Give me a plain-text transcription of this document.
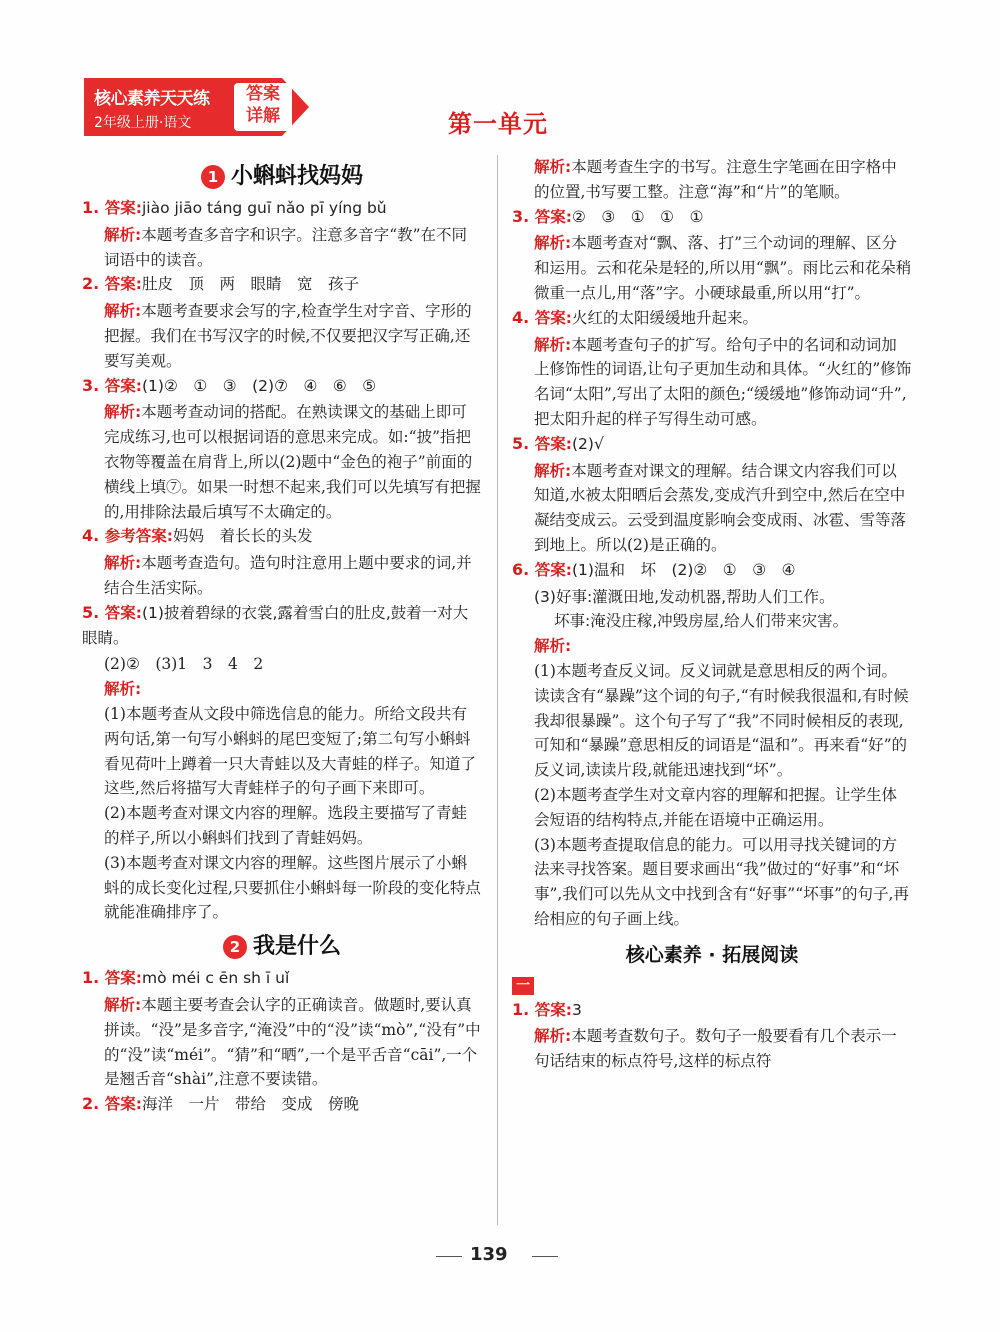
核心素养天天练
2年级上册·语文
答案
详解	第一单元
1 小蝌蚪找妈妈
1. 答案:jiào jiāo táng guī nǎo pī yíng bǔ
解析:本题考查多音字和识字。注意多音字“教”在不同词语中的读音。
2. 答案:肚皮　顶　两　眼睛　宽　孩子
解析:本题考查要求会写的字,检查学生对字音、字形的把握。我们在书写汉字的时候,不仅要把汉字写正确,还要写美观。
3. 答案:(1)②　①　③　(2)⑦　④　⑥　⑤
解析:本题考查动词的搭配。在熟读课文的基础上即可完成练习,也可以根据词语的意思来完成。如:“披”指把衣物等覆盖在肩背上,所以(2)题中“金色的袍子”前面的横线上填⑦。如果一时想不起来,我们可以先填写有把握的,用排除法最后填写不太确定的。
4. 参考答案:妈妈　着长长的头发
解析:本题考查造句。造句时注意用上题中要求的词,并结合生活实际。
5. 答案:(1)披着碧绿的衣裳,露着雪白的肚皮,鼓着一对大眼睛。
(2)②　(3)1　3　4　2
解析:
(1)本题考查从文段中筛选信息的能力。所给文段共有两句话,第一句写小蝌蚪的尾巴变短了;第二句写小蝌蚪看见荷叶上蹲着一只大青蛙以及大青蛙的样子。知道了这些,然后将描写大青蛙样子的句子画下来即可。
(2)本题考查对课文内容的理解。选段主要描写了青蛙的样子,所以小蝌蚪们找到了青蛙妈妈。
(3)本题考查对课文内容的理解。这些图片展示了小蝌蚪的成长变化过程,只要抓住小蝌蚪每一阶段的变化特点就能准确排序了。
2 我是什么
1. 答案:mò méi c ēn sh ī uǐ
解析:本题主要考查会认字的正确读音。做题时,要认真拼读。“没”是多音字,“淹没”中的“没”读“mò”,“没有”中的“没”读“méi”。“猜”和“晒”,一个是平舌音“cāi”,一个是翘舌音“shài”,注意不要读错。
2. 答案:海洋　一片　带给　变成　傍晚
解析:本题考查生字的书写。注意生字笔画在田字格中的位置,书写要工整。注意“海”和“片”的笔顺。
3. 答案:②　③　①　①　①
解析:本题考查对“飘、落、打”三个动词的理解、区分和运用。云和花朵是轻的,所以用“飘”。雨比云和花朵稍微重一点儿,用“落”字。小硬球最重,所以用“打”。
4. 答案:火红的太阳缓缓地升起来。
解析:本题考查句子的扩写。给句子中的名词和动词加上修饰性的词语,让句子更加生动和具体。“火红的”修饰名词“太阳”,写出了太阳的颜色;“缓缓地”修饰动词“升”,把太阳升起的样子写得生动可感。
5. 答案:(2)√
解析:本题考查对课文的理解。结合课文内容我们可以知道,水被太阳晒后会蒸发,变成汽升到空中,然后在空中凝结变成云。云受到温度影响会变成雨、冰雹、雪等落到地上。所以(2)是正确的。
6. 答案:(1)温和　坏　(2)②　①　③　④
(3)好事:灌溉田地,发动机器,帮助人们工作。
坏事:淹没庄稼,冲毁房屋,给人们带来灾害。
解析:
(1)本题考查反义词。反义词就是意思相反的两个词。读读含有“暴躁”这个词的句子,“有时候我很温和,有时候我却很暴躁”。这个句子写了“我”不同时候相反的表现,可知和“暴躁”意思相反的词语是“温和”。再来看“好”的反义词,读读片段,就能迅速找到“坏”。
(2)本题考查学生对文章内容的理解和把握。让学生体会短语的结构特点,并能在语境中正确运用。
(3)本题考查提取信息的能力。可以用寻找关键词的方法来寻找答案。题目要求画出“我”做过的“好事”和“坏事”,我们可以先从文中找到含有“好事”“坏事”的句子,再给相应的句子画上线。
核心素养 · 拓展阅读
一
1. 答案:3
解析:本题考查数句子。数句子一般要看有几个表示一句话结束的标点符号,这样的标点符
139
